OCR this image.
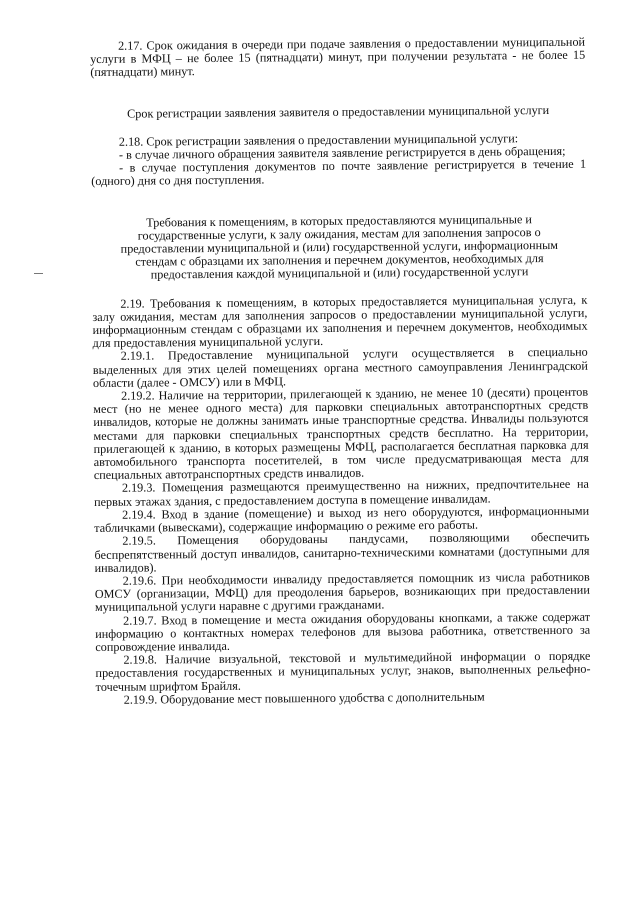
2.17. Срок ожидания в очереди при подаче заявления о предоставлении муниципальной услуги в МФЦ – не более 15 (пятнадцати) минут, при получении результата - не более 15 (пятнадцати) минут.

Срок регистрации заявления заявителя о предоставлении муниципальной услуги

2.18. Срок регистрации заявления о предоставлении муниципальной услуги:

- в случае личного обращения заявителя заявление регистрируется в день обращения;

- в случае поступления документов по почте заявление регистрируется в течение 1 (одного) дня со дня поступления.

Требования к помещениям, в которых предоставляются муниципальные и государственные услуги, к залу ожидания, местам для заполнения запросов о предоставлении муниципальной и (или) государственной услуги, информационным стендам с образцами их заполнения и перечнем документов, необходимых для предоставления каждой муниципальной и (или) государственной услуги

2.19. Требования к помещениям, в которых предоставляется муниципальная услуга, к залу ожидания, местам для заполнения запросов о предоставлении муниципальной услуги, информационным стендам с образцами их заполнения и перечнем документов, необходимых для предоставления муниципальной услуги.

2.19.1. Предоставление муниципальной услуги осуществляется в специально выделенных для этих целей помещениях органа местного самоуправления Ленинградской области (далее - ОМСУ) или в МФЦ.

2.19.2. Наличие на территории, прилегающей к зданию, не менее 10 (десяти) процентов мест (но не менее одного места) для парковки специальных автотранспортных средств инвалидов, которые не должны занимать иные транспортные средства. Инвалиды пользуются местами для парковки специальных транспортных средств бесплатно. На территории, прилегающей к зданию, в которых размещены МФЦ, располагается бесплатная парковка для автомобильного транспорта посетителей, в том числе предусматривающая места для специальных автотранспортных средств инвалидов.

2.19.3. Помещения размещаются преимущественно на нижних, предпочтительнее на первых этажах здания, с предоставлением доступа в помещение инвалидам.

2.19.4. Вход в здание (помещение) и выход из него оборудуются, информационными табличками (вывесками), содержащие информацию о режиме его работы.

2.19.5. Помещения оборудованы пандусами, позволяющими обеспечить беспрепятственный доступ инвалидов, санитарно-техническими комнатами (доступными для инвалидов).

2.19.6. При необходимости инвалиду предоставляется помощник из числа работников ОМСУ (организации, МФЦ) для преодоления барьеров, возникающих при предоставлении муниципальной услуги наравне с другими гражданами.

2.19.7. Вход в помещение и места ожидания оборудованы кнопками, а также содержат информацию о контактных номерах телефонов для вызова работника, ответственного за сопровождение инвалида.

2.19.8. Наличие визуальной, текстовой и мультимедийной информации о порядке предоставления государственных и муниципальных услуг, знаков, выполненных рельефно-точечным шрифтом Брайля.

2.19.9. Оборудование мест повышенного удобства с дополнительным
